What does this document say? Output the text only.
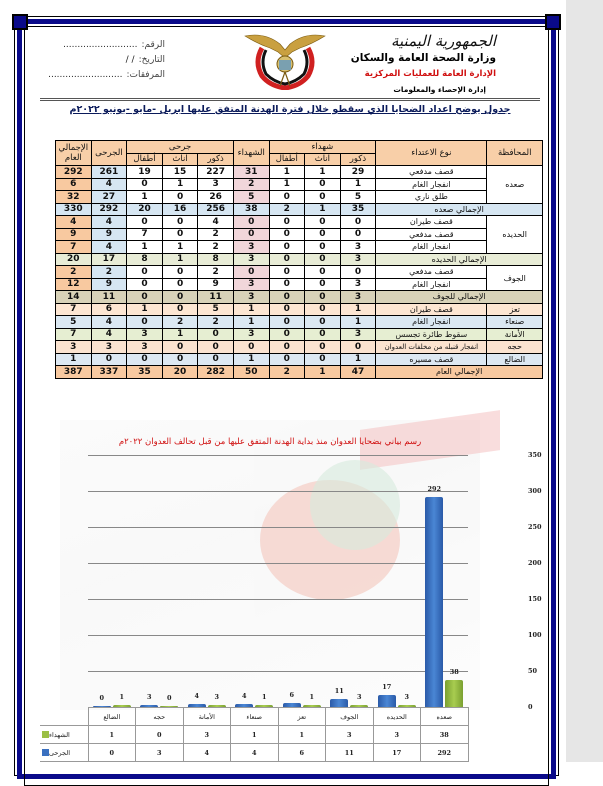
الجمهورية اليمنية
وزارة الصحة العامة والسكان
الإدارة العامة للعمليات المركزية
إدارة الإحصاء والمعلومات
الرقم:
..........................
التاريخ:
/ /
المرفقات:
..........................
جدول يوضح اعداد الضحايا الذي سقطو خلال فترة الهدنة المتفق عليها ابريل -مايو -يونيو ٢٠٢٢م
المحافظة	نوع الاعتداء	شهداء			الشهداء	جرحى			الجرحى	الإجمالي العام
		ذكور	اناث	أطفال		ذكور	اناث	أطفال		
صعده	قصف مدفعي	29	1	1	31	227	15	19	261	292
	انفجار الغام	1	0	1	2	3	1	0	4	6
	طلق ناري	5	0	0	5	26	0	1	27	32
الإجمالي صعده		35	1	2	38	256	16	20	292	330
الحديده	قصف طيران	0	0	0	0	4	0	0	4	4
	قصف مدفعي	0	0	0	0	2	0	7	9	9
	انفجار الغام	3	0	0	3	2	1	1	4	7
الإجمالي الحديده		3	0	0	3	8	1	8	17	20
الجوف	قصف مدفعي	0	0	0	0	2	0	0	2	2
	انفجار الغام	3	0	0	3	9	0	0	9	12
الإجمالي للجوف		3	0	0	3	11	0	0	11	14
تعز	قصف طيران	1	0	0	1	5	0	1	6	7
صنعاء	انفجار الغام	1	0	0	1	2	2	0	4	5
الأمانة	سقوط طائرة تجسس	3	0	0	3	0	1	3	4	7
حجه	انفجار قنبله من مخلفات العدوان	0	0	0	0	0	0	3	3	3
الضالع	قصف مسيره	1	0	0	1	0	0	0	0	1
الإجمالي العام		47	1	2	50	282	20	35	337	387
رسم بياني بضحايا العدوان منذ بداية الهدنة المتفق عليها من قبل تحالف العدوان ٢٠٢٢م
350
300
250
200
150
100
50
0
292
38
17
3
11
3
6	1
4	1
4	3
3	0
0	1
صعده	الحديده	الجوف	تعز	صنعاء	الأمانة	حجه	الضالع	
38	3	3	1	1	3	0	1	الشهداء
292	17	11	6	4	4	3	0	الجرحى
